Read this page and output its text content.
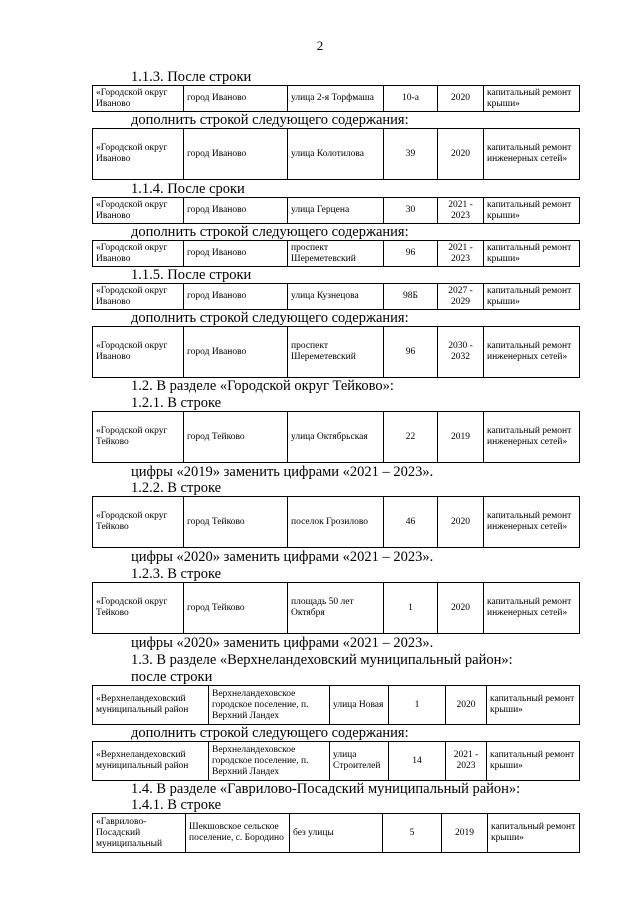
2
1.1.3. После строки
«Городской округ Иваново	город Иваново	улица 2-я Торфмаша	10-а	2020	капитальный ремонт крыши»
дополнить строкой следующего содержания:
«Городской округ Иваново	город Иваново	улица Колотилова	39	2020	капитальный ремонт инженерных сетей»
1.1.4. После сроки
«Городской округ Иваново	город Иваново	улица Герцена	30	2021 - 2023	капитальный ремонт крыши»
дополнить строкой следующего содержания:
«Городской округ Иваново	город Иваново	проспект Шереметевский	96	2021 - 2023	капитальный ремонт крыши»
1.1.5. После строки
«Городской округ Иваново	город Иваново	улица Кузнецова	98Б	2027 - 2029	капитальный ремонт крыши»
дополнить строкой следующего содержания:
«Городской округ Иваново	город Иваново	проспект Шереметевский	96	2030 - 2032	капитальный ремонт инженерных сетей»
1.2. В разделе «Городской округ Тейково»:
1.2.1. В строке
«Городской округ Тейково	город Тейково	улица Октябрьская	22	2019	капитальный ремонт инженерных сетей»
цифры «2019» заменить цифрами «2021 – 2023».
1.2.2. В строке
«Городской округ Тейково	город Тейково	поселок Грозилово	46	2020	капитальный ремонт инженерных сетей»
цифры «2020» заменить цифрами «2021 – 2023».
1.2.3. В строке
«Городской округ Тейково	город Тейково	площадь 50 лет Октября	1	2020	капитальный ремонт инженерных сетей»
цифры «2020» заменить цифрами «2021 – 2023».
1.3. В разделе «Верхнеландеховский муниципальный район»:
после строки
«Верхнеландеховский муниципальный район	Верхнеландеховское городское поселение, п. Верхний Ландех	улица Новая	1	2020	капитальный ремонт крыши»
дополнить строкой следующего содержания:
«Верхнеландеховский муниципальный район	Верхнеландеховское городское поселение, п. Верхний Ландех	улица Строителей	14	2021 - 2023	капитальный ремонт крыши»
1.4. В разделе «Гаврилово-Посадский муниципальный район»:
1.4.1. В строке
«Гаврилово-Посадский муниципальный	Шекшовское сельское поселение, с. Бородино	без улицы	5	2019	капитальный ремонт крыши»
